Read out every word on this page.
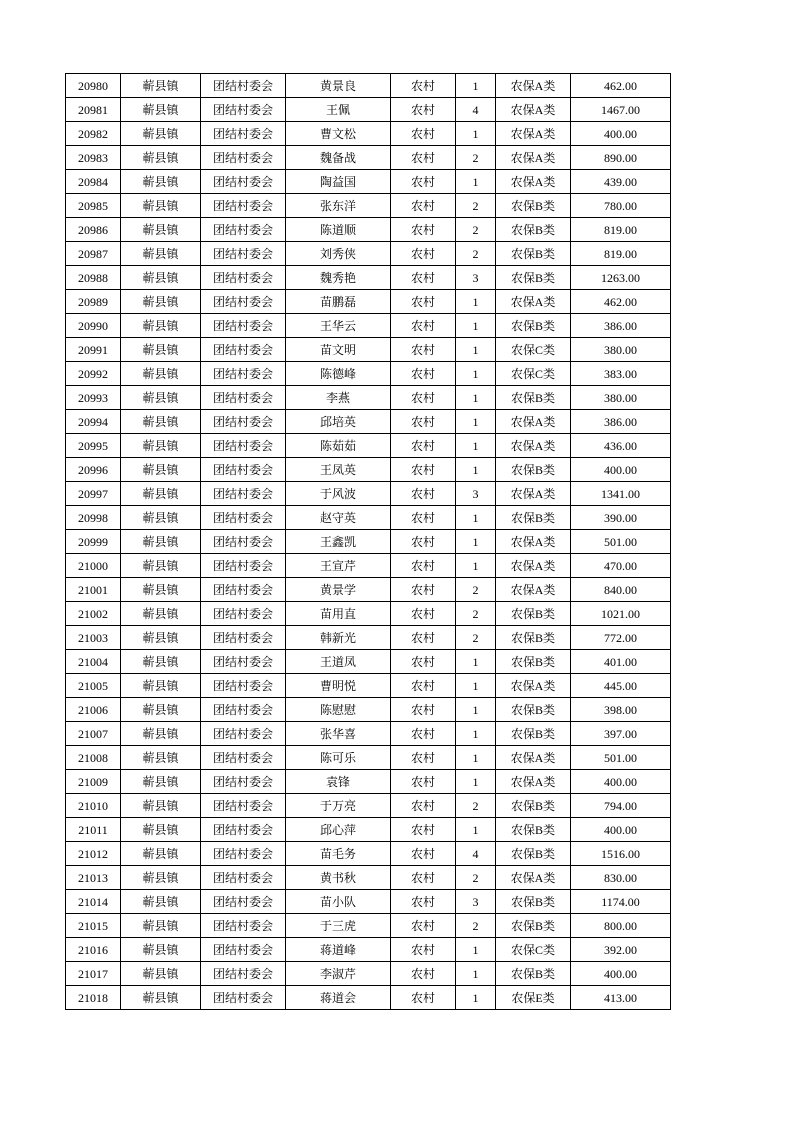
20980	蕲县镇	团结村委会	黄景良	农村	1	农保A类	462.00
20981	蕲县镇	团结村委会	王佩	农村	4	农保A类	1467.00
20982	蕲县镇	团结村委会	曹文松	农村	1	农保A类	400.00
20983	蕲县镇	团结村委会	魏备战	农村	2	农保A类	890.00
20984	蕲县镇	团结村委会	陶益国	农村	1	农保A类	439.00
20985	蕲县镇	团结村委会	张东洋	农村	2	农保B类	780.00
20986	蕲县镇	团结村委会	陈道顺	农村	2	农保B类	819.00
20987	蕲县镇	团结村委会	刘秀侠	农村	2	农保B类	819.00
20988	蕲县镇	团结村委会	魏秀艳	农村	3	农保B类	1263.00
20989	蕲县镇	团结村委会	苗鹏磊	农村	1	农保A类	462.00
20990	蕲县镇	团结村委会	王华云	农村	1	农保B类	386.00
20991	蕲县镇	团结村委会	苗文明	农村	1	农保C类	380.00
20992	蕲县镇	团结村委会	陈德峰	农村	1	农保C类	383.00
20993	蕲县镇	团结村委会	李燕	农村	1	农保B类	380.00
20994	蕲县镇	团结村委会	邱培英	农村	1	农保A类	386.00
20995	蕲县镇	团结村委会	陈茹茹	农村	1	农保A类	436.00
20996	蕲县镇	团结村委会	王凤英	农村	1	农保B类	400.00
20997	蕲县镇	团结村委会	于风波	农村	3	农保A类	1341.00
20998	蕲县镇	团结村委会	赵守英	农村	1	农保B类	390.00
20999	蕲县镇	团结村委会	王鑫凯	农村	1	农保A类	501.00
21000	蕲县镇	团结村委会	王宣芹	农村	1	农保A类	470.00
21001	蕲县镇	团结村委会	黄景学	农村	2	农保A类	840.00
21002	蕲县镇	团结村委会	苗用直	农村	2	农保B类	1021.00
21003	蕲县镇	团结村委会	韩新光	农村	2	农保B类	772.00
21004	蕲县镇	团结村委会	王道凤	农村	1	农保B类	401.00
21005	蕲县镇	团结村委会	曹明悦	农村	1	农保A类	445.00
21006	蕲县镇	团结村委会	陈慰慰	农村	1	农保B类	398.00
21007	蕲县镇	团结村委会	张华喜	农村	1	农保B类	397.00
21008	蕲县镇	团结村委会	陈可乐	农村	1	农保A类	501.00
21009	蕲县镇	团结村委会	袁锋	农村	1	农保A类	400.00
21010	蕲县镇	团结村委会	于万亮	农村	2	农保B类	794.00
21011	蕲县镇	团结村委会	邱心萍	农村	1	农保B类	400.00
21012	蕲县镇	团结村委会	苗毛务	农村	4	农保B类	1516.00
21013	蕲县镇	团结村委会	黄书秋	农村	2	农保A类	830.00
21014	蕲县镇	团结村委会	苗小队	农村	3	农保B类	1174.00
21015	蕲县镇	团结村委会	于三虎	农村	2	农保B类	800.00
21016	蕲县镇	团结村委会	蒋道峰	农村	1	农保C类	392.00
21017	蕲县镇	团结村委会	李淑芹	农村	1	农保B类	400.00
21018	蕲县镇	团结村委会	蒋道会	农村	1	农保E类	413.00
